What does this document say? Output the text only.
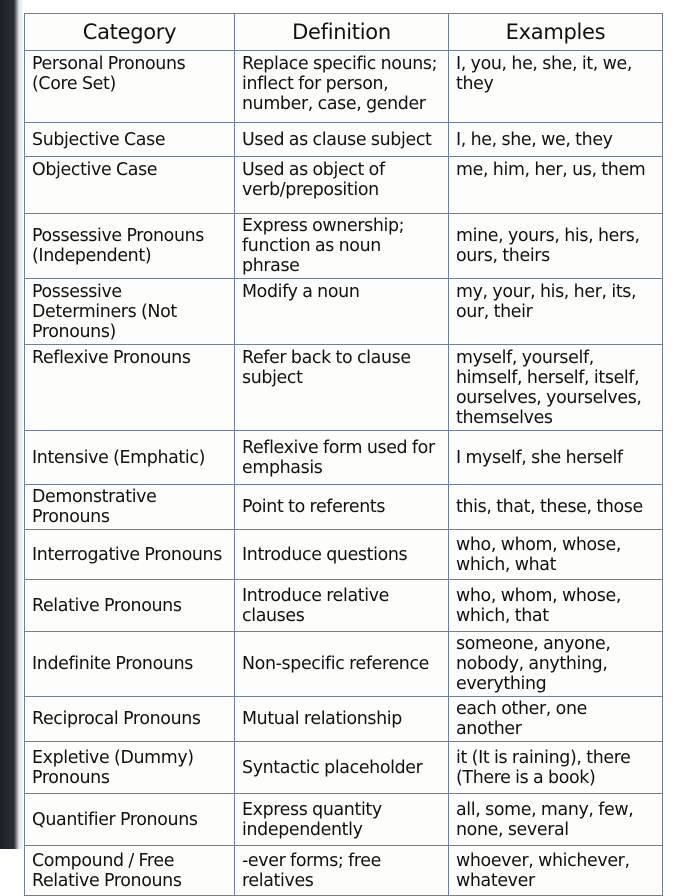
Category	Definition	Examples
Personal Pronouns (Core Set)	Replace specific nouns; inflect for person, number, case, gender	I, you, he, she, it, we, they
Subjective Case	Used as clause subject	I, he, she, we, they
Objective Case	Used as object of verb/preposition	me, him, her, us, them
Possessive Pronouns (Independent)	Express ownership; function as noun phrase	mine, yours, his, hers, ours, theirs
Possessive Determiners (Not Pronouns)	Modify a noun	my, your, his, her, its, our, their
Reflexive Pronouns	Refer back to clause subject	myself, yourself, himself, herself, itself, ourselves, yourselves, themselves
Intensive (Emphatic)	Reflexive form used for emphasis	I myself, she herself
Demonstrative Pronouns	Point to referents	this, that, these, those
Interrogative Pronouns	Introduce questions	who, whom, whose, which, what
Relative Pronouns	Introduce relative clauses	who, whom, whose, which, that
Indefinite Pronouns	Non-specific reference	someone, anyone, nobody, anything, everything
Reciprocal Pronouns	Mutual relationship	each other, one another
Expletive (Dummy) Pronouns	Syntactic placeholder	it (It is raining), there (There is a book)
Quantifier Pronouns	Express quantity independently	all, some, many, few, none, several
Compound / Free Relative Pronouns	-ever forms; free relatives	whoever, whichever, whatever
